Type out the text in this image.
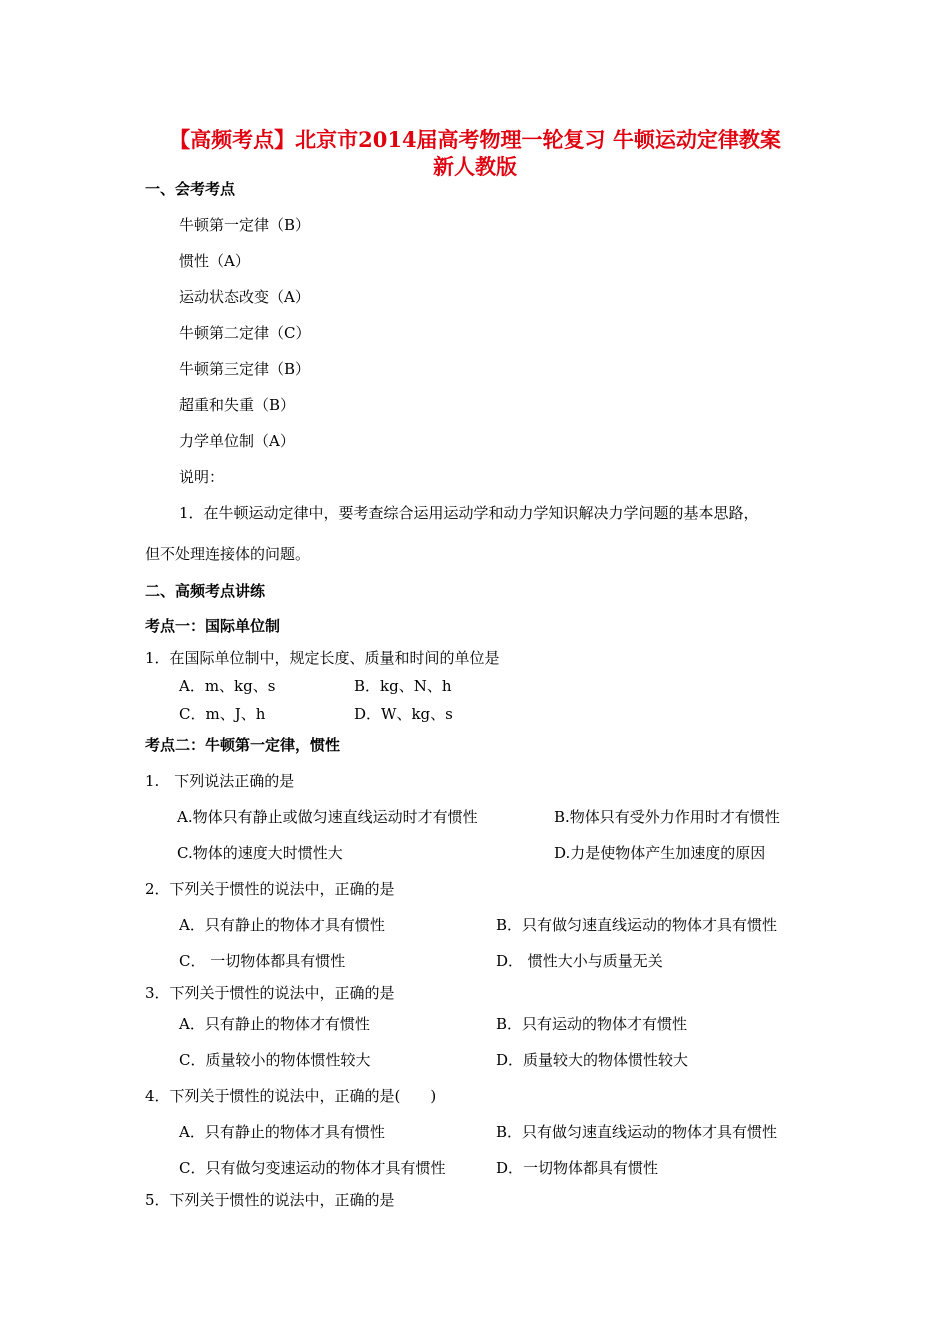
【高频考点】北京市2014届高考物理一轮复习 牛顿运动定律教案
新人教版
一、会考考点
牛顿第一定律（B）
惯性（A）
运动状态改变（A）
牛顿第二定律（C）
牛顿第三定律（B）
超重和失重（B）
力学单位制（A）
说明：
1．在牛顿运动定律中，要考查综合运用运动学和动力学知识解决力学问题的基本思路，
但不处理连接体的问题。
二、高频考点讲练
考点一：国际单位制
1．在国际单位制中，规定长度、质量和时间的单位是
A．m、kg、s	B．kg、N、h
C．m、J、h	D．W、kg、s
考点二：牛顿第一定律，惯性
1.　下列说法正确的是
A.物体只有静止或做匀速直线运动时才有惯性	B.物体只有受外力作用时才有惯性
C.物体的速度大时惯性大	D.力是使物体产生加速度的原因
2．下列关于惯性的说法中，正确的是
A．只有静止的物体才具有惯性	B．只有做匀速直线运动的物体才具有惯性
C． 一切物体都具有惯性	D． 惯性大小与质量无关
3．下列关于惯性的说法中，正确的是
A．只有静止的物体才有惯性	B．只有运动的物体才有惯性
C．质量较小的物体惯性较大	D．质量较大的物体惯性较大
4．下列关于惯性的说法中，正确的是(　　)
A．只有静止的物体才具有惯性	B．只有做匀速直线运动的物体才具有惯性
C．只有做匀变速运动的物体才具有惯性	D．一切物体都具有惯性
5．下列关于惯性的说法中，正确的是
